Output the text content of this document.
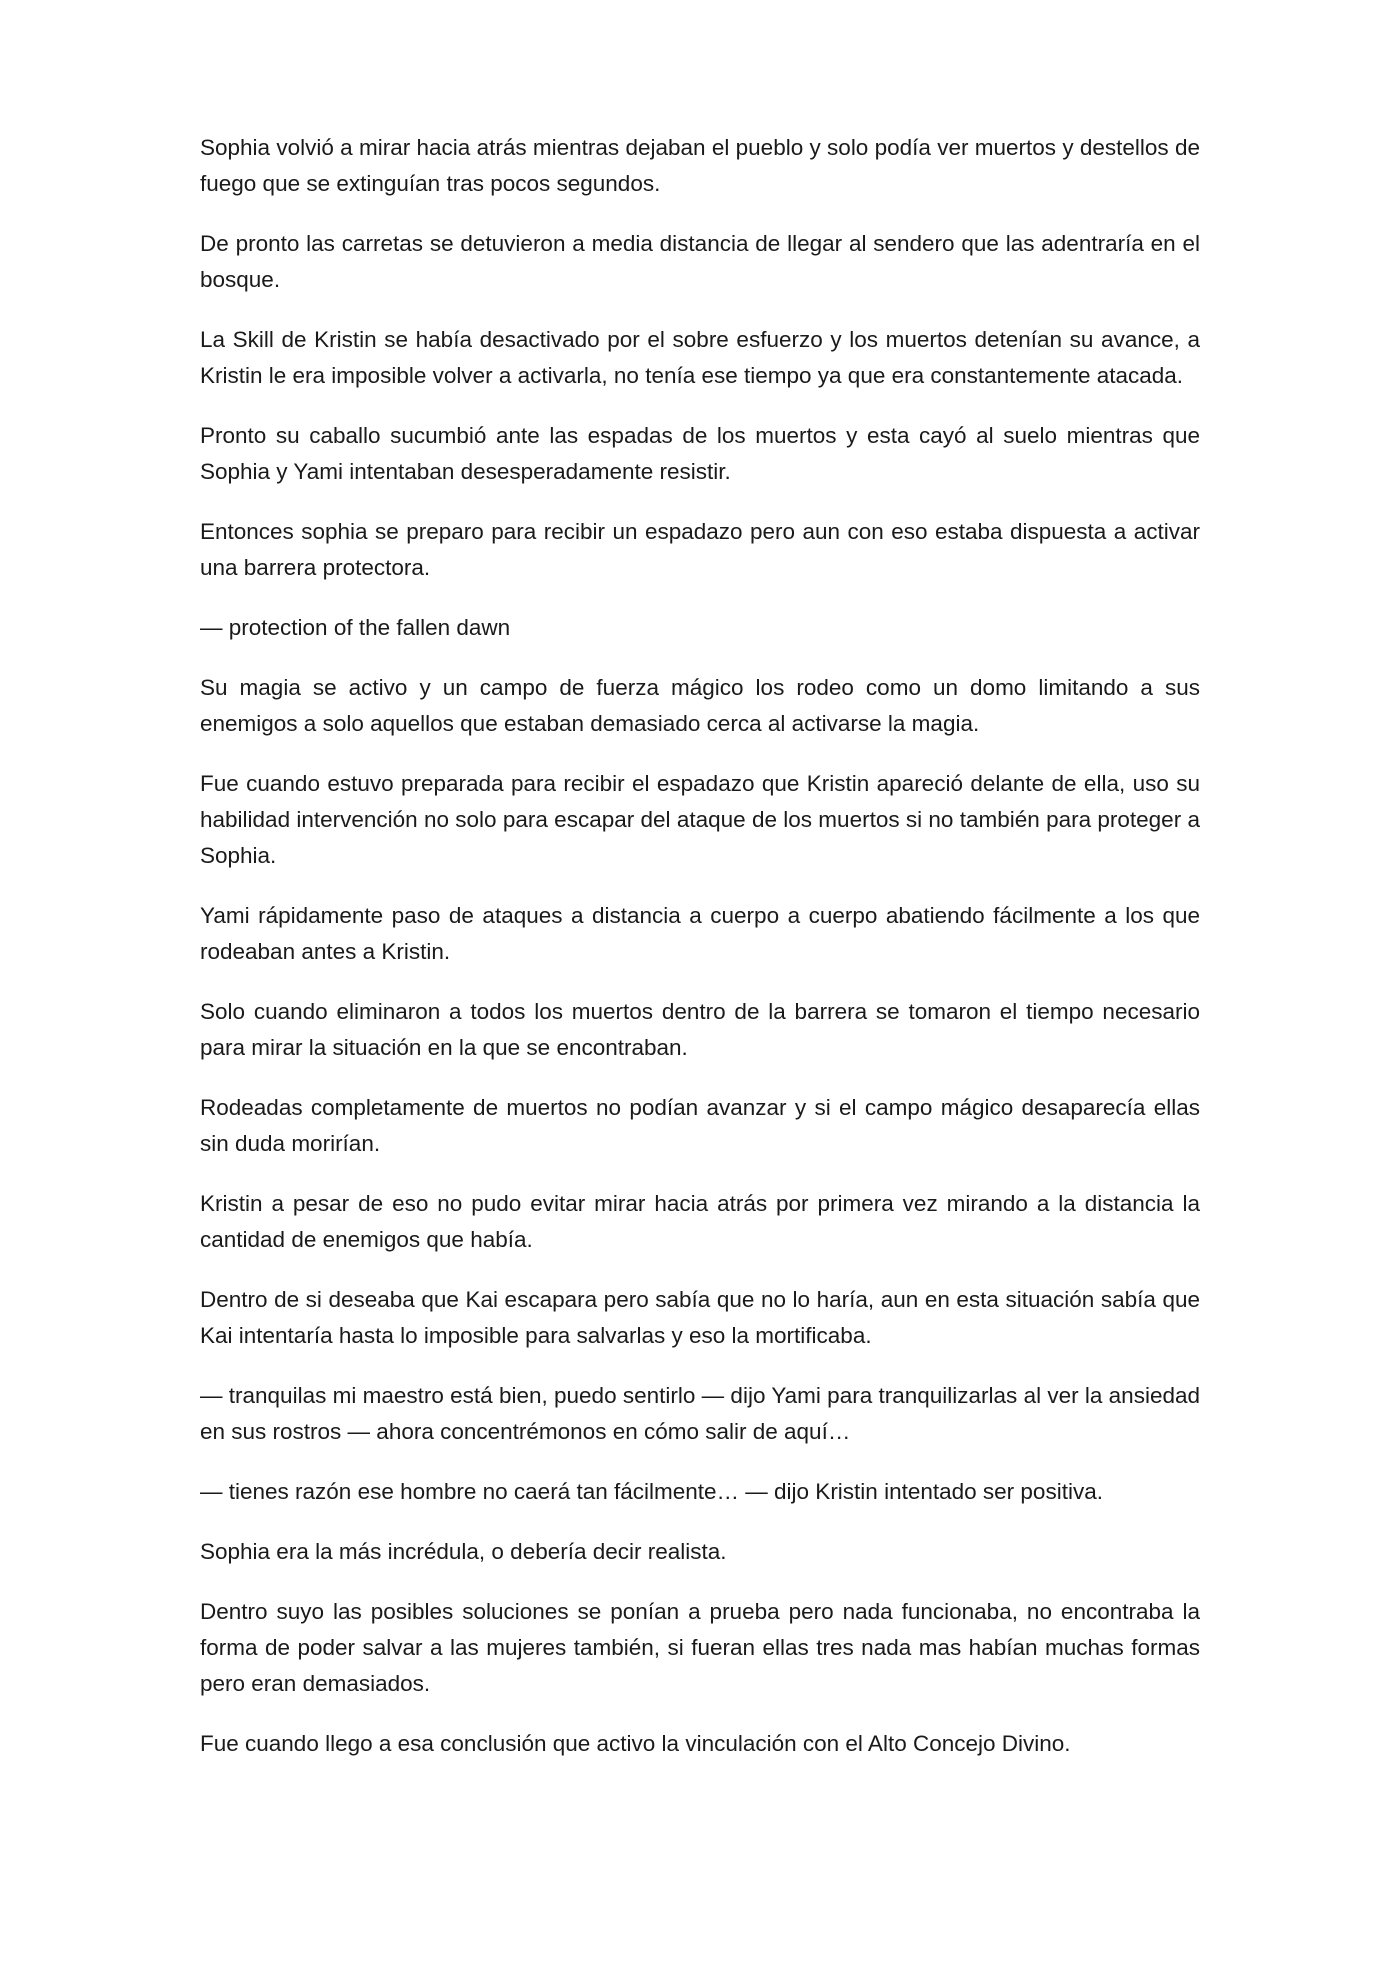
Sophia volvió a mirar hacia atrás mientras dejaban el pueblo y solo podía ver muertos y destellos de fuego que se extinguían tras pocos segundos.

De pronto las carretas se detuvieron a media distancia de llegar al sendero que las adentraría en el bosque.

La Skill de Kristin se había desactivado por el sobre esfuerzo y los muertos detenían su avance, a Kristin le era imposible volver a activarla, no tenía ese tiempo ya que era constantemente atacada.

Pronto su caballo sucumbió ante las espadas de los muertos y esta cayó al suelo mientras que Sophia y Yami intentaban desesperadamente resistir.

Entonces sophia se preparo para recibir un espadazo pero aun con eso estaba dispuesta a activar una barrera protectora.

— protection of the fallen dawn

Su magia se activo y un campo de fuerza mágico los rodeo como un domo limitando a sus enemigos a solo aquellos que estaban demasiado cerca al activarse la magia.

Fue cuando estuvo preparada para recibir el espadazo que Kristin apareció delante de ella, uso su habilidad intervención no solo para escapar del ataque de los muertos si no también para proteger a Sophia.

Yami rápidamente paso de ataques a distancia a cuerpo a cuerpo abatiendo fácilmente a los que rodeaban antes a Kristin.

Solo cuando eliminaron a todos los muertos dentro de la barrera se tomaron el tiempo necesario para mirar la situación en la que se encontraban.

Rodeadas completamente de muertos no podían avanzar y si el campo mágico desaparecía ellas sin duda morirían.

Kristin a pesar de eso no pudo evitar mirar hacia atrás por primera vez mirando a la distancia la cantidad de enemigos que había.

Dentro de si deseaba que Kai escapara pero sabía que no lo haría, aun en esta situación sabía que Kai intentaría hasta lo imposible para salvarlas y eso la mortificaba.

— tranquilas mi maestro está bien, puedo sentirlo — dijo Yami para tranquilizarlas al ver la ansiedad en sus rostros — ahora concentrémonos en cómo salir de aquí…

— tienes razón ese hombre no caerá tan fácilmente… — dijo Kristin intentado ser positiva.

Sophia era la más incrédula, o debería decir realista.

Dentro suyo las posibles soluciones se ponían a prueba pero nada funcionaba, no encontraba la forma de poder salvar a las mujeres también, si fueran ellas tres nada mas habían muchas formas pero eran demasiados.

Fue cuando llego a esa conclusión que activo la vinculación con el Alto Concejo Divino.
